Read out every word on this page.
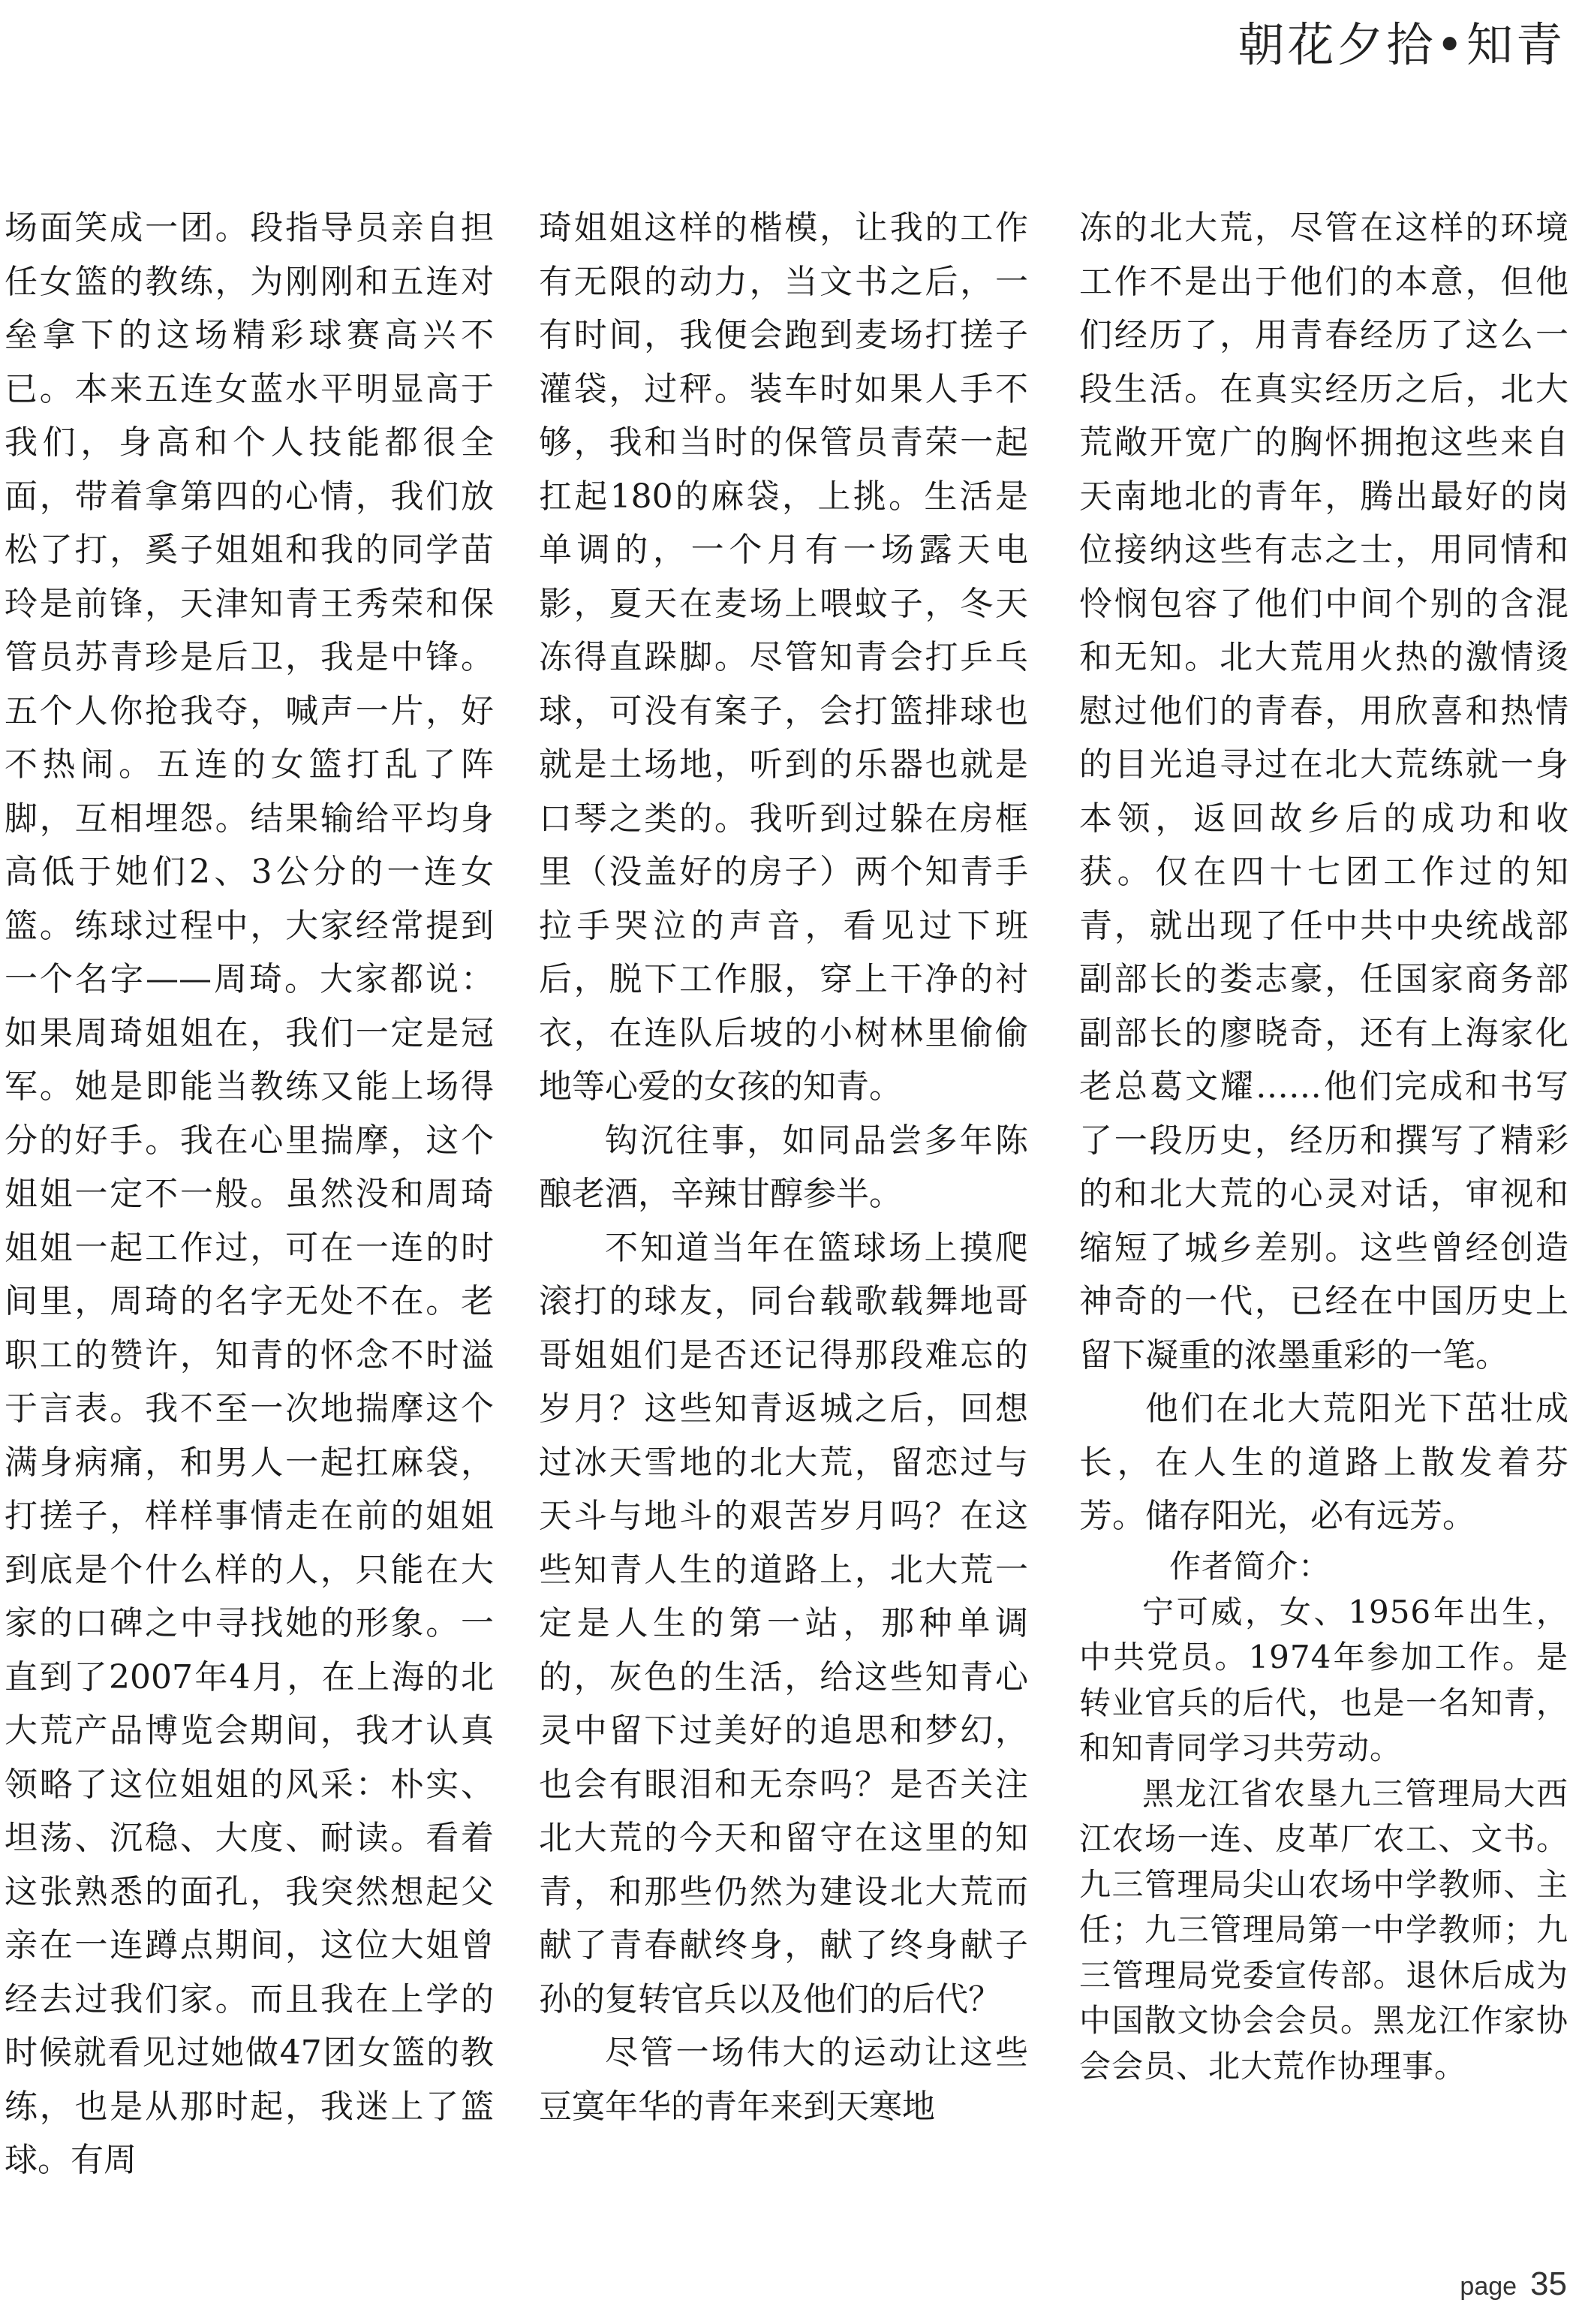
朝花夕拾•知青

场面笑成一团。段指导员亲自担任女篮的教练，为刚刚和五连对垒拿下的这场精彩球赛高兴不已。本来五连女蓝水平明显高于我们，身高和个人技能都很全面，带着拿第四的心情，我们放松了打，奚子姐姐和我的同学苗玲是前锋，天津知青王秀荣和保管员苏青珍是后卫，我是中锋。五个人你抢我夺，喊声一片，好不热闹。五连的女篮打乱了阵脚，互相埋怨。结果输给平均身高低于她们2、3公分的一连女篮。练球过程中，大家经常提到一个名字——周琦。大家都说：如果周琦姐姐在，我们一定是冠军。她是即能当教练又能上场得分的好手。我在心里揣摩，这个姐姐一定不一般。虽然没和周琦姐姐一起工作过，可在一连的时间里，周琦的名字无处不在。老职工的赞许，知青的怀念不时溢于言表。我不至一次地揣摩这个满身病痛，和男人一起扛麻袋，打搓子，样样事情走在前的姐姐到底是个什么样的人，只能在大家的口碑之中寻找她的形象。一直到了2007年4月，在上海的北大荒产品博览会期间，我才认真领略了这位姐姐的风采：朴实、坦荡、沉稳、大度、耐读。看着这张熟悉的面孔，我突然想起父亲在一连蹲点期间，这位大姐曾经去过我们家。而且我在上学的时候就看见过她做47团女篮的教练，也是从那时起，我迷上了篮球。有周

琦姐姐这样的楷模，让我的工作有无限的动力，当文书之后，一有时间，我便会跑到麦场打搓子灌袋，过秤。装车时如果人手不够，我和当时的保管员青荣一起扛起180的麻袋，上挑。生活是单调的，一个月有一场露天电影，夏天在麦场上喂蚊子，冬天冻得直跺脚。尽管知青会打乒乓球，可没有案子，会打篮排球也就是土场地，听到的乐器也就是口琴之类的。我听到过躲在房框里（没盖好的房子）两个知青手拉手哭泣的声音，看见过下班后，脱下工作服，穿上干净的衬衣，在连队后坡的小树林里偷偷地等心爱的女孩的知青。

钩沉往事，如同品尝多年陈酿老酒，辛辣甘醇参半。

不知道当年在篮球场上摸爬滚打的球友，同台载歌载舞地哥哥姐姐们是否还记得那段难忘的岁月？这些知青返城之后，回想过冰天雪地的北大荒，留恋过与天斗与地斗的艰苦岁月吗？在这些知青人生的道路上，北大荒一定是人生的第一站，那种单调的，灰色的生活，给这些知青心灵中留下过美好的追思和梦幻，也会有眼泪和无奈吗？是否关注北大荒的今天和留守在这里的知青，和那些仍然为建设北大荒而献了青春献终身，献了终身献子孙的复转官兵以及他们的后代？

尽管一场伟大的运动让这些豆寞年华的青年来到天寒地

冻的北大荒，尽管在这样的环境工作不是出于他们的本意，但他们经历了，用青春经历了这么一段生活。在真实经历之后，北大荒敞开宽广的胸怀拥抱这些来自天南地北的青年，腾出最好的岗位接纳这些有志之士，用同情和怜悯包容了他们中间个别的含混和无知。北大荒用火热的激情烫慰过他们的青春，用欣喜和热情的目光追寻过在北大荒练就一身本领，返回故乡后的成功和收获。仅在四十七团工作过的知青，就出现了任中共中央统战部副部长的娄志豪，任国家商务部副部长的廖晓奇，还有上海家化老总葛文耀……他们完成和书写了一段历史，经历和撰写了精彩的和北大荒的心灵对话，审视和缩短了城乡差别。这些曾经创造神奇的一代，已经在中国历史上留下凝重的浓墨重彩的一笔。

他们在北大荒阳光下茁壮成长，在人生的道路上散发着芬芳。储存阳光，必有远芳。

作者简介：

宁可威，女、1956年出生，中共党员。1974年参加工作。是转业官兵的后代，也是一名知青，和知青同学习共劳动。

黑龙江省农垦九三管理局大西江农场一连、皮革厂农工、文书。九三管理局尖山农场中学教师、主任；九三管理局第一中学教师；九三管理局党委宣传部。退休后成为中国散文协会会员。黑龙江作家协会会员、北大荒作协理事。

page 35
